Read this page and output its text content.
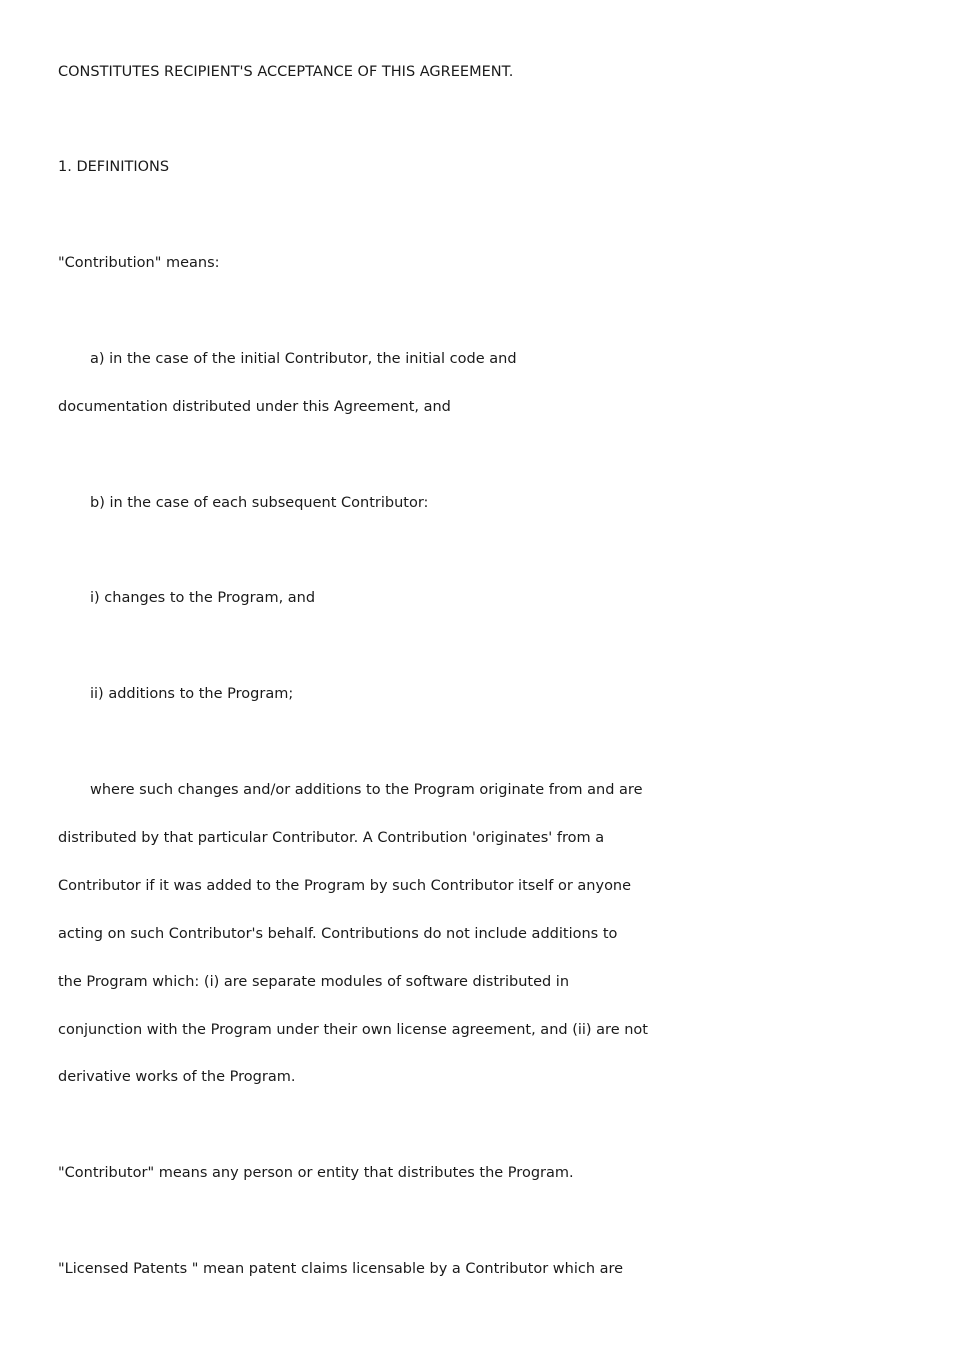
CONSTITUTES RECIPIENT'S ACCEPTANCE OF THIS AGREEMENT.

1. DEFINITIONS

"Contribution" means:

a) in the case of the initial Contributor, the initial code and

documentation distributed under this Agreement, and

b) in the case of each subsequent Contributor:

i) changes to the Program, and

ii) additions to the Program;

where such changes and/or additions to the Program originate from and are

distributed by that particular Contributor. A Contribution 'originates' from a

Contributor if it was added to the Program by such Contributor itself or anyone

acting on such Contributor's behalf. Contributions do not include additions to

the Program which: (i) are separate modules of software distributed in

conjunction with the Program under their own license agreement, and (ii) are not

derivative works of the Program.

"Contributor" means any person or entity that distributes the Program.

"Licensed Patents " mean patent claims licensable by a Contributor which are
